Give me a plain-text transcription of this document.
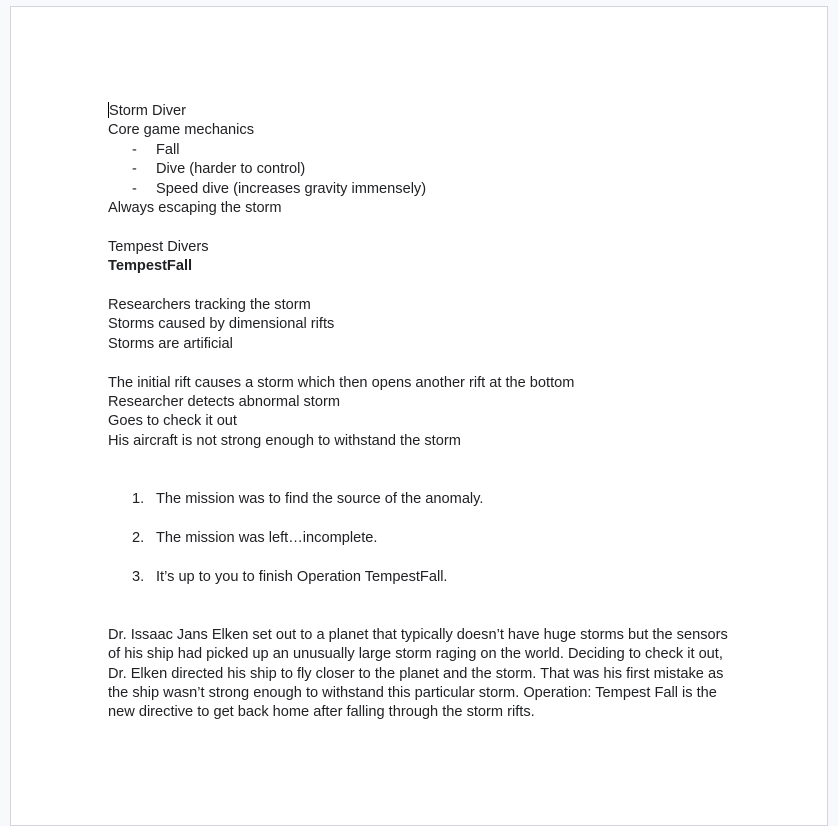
Storm Diver
Core game mechanics
-	Fall
-	Dive (harder to control)
-	Speed dive (increases gravity immensely)
Always escaping the storm
Tempest Divers
TempestFall
Researchers tracking the storm
Storms caused by dimensional rifts
Storms are artificial
The initial rift causes a storm which then opens another rift at the bottom
Researcher detects abnormal storm
Goes to check it out
His aircraft is not strong enough to withstand the storm
1. The mission was to find the source of the anomaly.
2. The mission was left…incomplete.
3. It’s up to you to finish Operation TempestFall.
Dr. Issaac Jans Elken set out to a planet that typically doesn’t have huge storms but the sensors
of his ship had picked up an unusually large storm raging on the world. Deciding to check it out,
Dr. Elken directed his ship to fly closer to the planet and the storm. That was his first mistake as
the ship wasn’t strong enough to withstand this particular storm. Operation: Tempest Fall is the
new directive to get back home after falling through the storm rifts.
